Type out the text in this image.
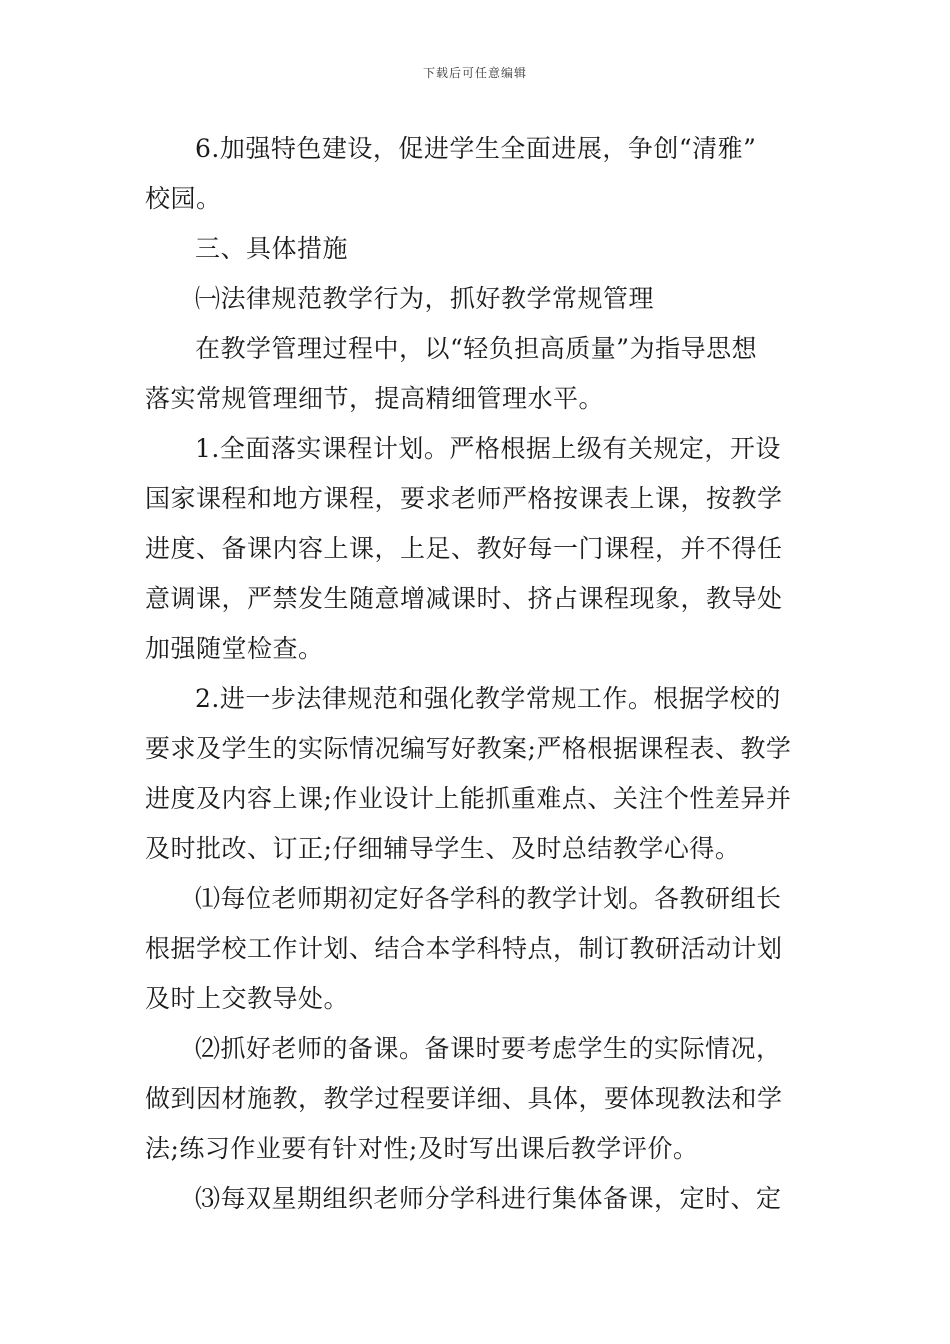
下载后可任意编辑
6.加强特色建设，促进学生全面进展，争创“清雅”
校园。
三、具体措施
㈠法律规范教学行为，抓好教学常规管理
在教学管理过程中，以“轻负担高质量”为指导思想
落实常规管理细节，提高精细管理水平。
1.全面落实课程计划。严格根据上级有关规定，开设
国家课程和地方课程，要求老师严格按课表上课，按教学
进度、备课内容上课，上足、教好每一门课程，并不得任
意调课，严禁发生随意增减课时、挤占课程现象，教导处
加强随堂检查。
2.进一步法律规范和强化教学常规工作。根据学校的
要求及学生的实际情况编写好教案;严格根据课程表、教学
进度及内容上课;作业设计上能抓重难点、关注个性差异并
及时批改、订正;仔细辅导学生、及时总结教学心得。
⑴每位老师期初定好各学科的教学计划。各教研组长
根据学校工作计划、结合本学科特点，制订教研活动计划
及时上交教导处。
⑵抓好老师的备课。备课时要考虑学生的实际情况，
做到因材施教，教学过程要详细、具体，要体现教法和学
法;练习作业要有针对性;及时写出课后教学评价。
⑶每双星期组织老师分学科进行集体备课，定时、定
